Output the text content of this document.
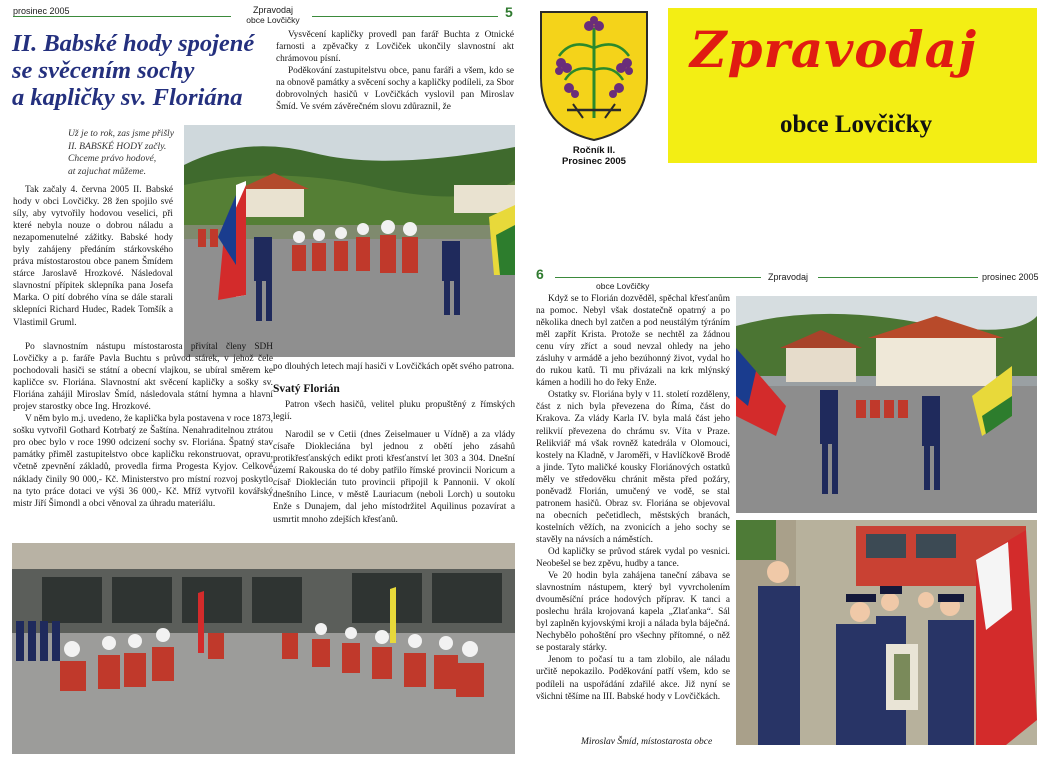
prosinec 2005	Zpravodaj
obce Lovčičky	5
II. Babské hody spojené
se svěcením sochy
a kapličky sv. Floriána
Už je to rok, zas jsme přišly
II. BABSKÉ HODY začly.
Chceme právo hodové,
at zajuchat můžeme.

Tak začaly 4. června 2005 II. Babské hody v obci Lovčičky. 28 žen spojilo své síly, aby vytvořily hodovou veselici, při které nebyla nouze o dobrou náladu a nezapomenutelné zážitky. Babské hody byly zahájeny předáním stárkovského práva místostarostou obce panem Šmídem stárce Jaroslavě Hrozkové. Následoval slavnostní přípitek sklepníka pana Josefa Marka. O pití dobrého vína se dále starali sklepníci Richard Hudec, Radek Tomšík a Vlastimil Gruml.

Po slavnostním nástupu místostarosta přivítal členy SDH Lovčičky a p. faráře Pavla Buchtu s průvod stárek, v jehož čele pochodovali hasiči se státní a obecní vlajkou, se ubíral směrem ke kapličce sv. Floriána. Slavnostní akt svěcení kapličky a sošky sv. Floriána zahájil Miroslav Šmíd, následovala státní hymna a hlavní projev starostky obce Ing. Hrozkové.

V něm bylo m.j. uvedeno, že kaplička byla postavena v roce 1873, sošku vytvořil Gothard Kotrbatý ze Šaštína. Nenahraditelnou ztrátou pro obec bylo v roce 1990 odcizení sochy sv. Floriána. Špatný stav památky přiměl zastupitelstvo obce kapličku rekonstruovat, opravu, včetně zpevnění základů, provedla firma Progesta Kyjov. Celkové náklady činily 90 000,- Kč. Ministerstvo pro místní rozvoj poskytlo na tyto práce dotaci ve výši 36 000,- Kč. Mříž vytvořil kovářský mistr Jiří Šimondl a obci věnoval za úhradu materiálu.

Vysvěcení kapličky provedl pan farář Buchta z Otnické farnosti a zpěvačky z Lovčiček ukončily slavnostní akt chrámovou písní.

Poděkování zastupitelstvu obce, panu faráři a všem, kdo se na obnově památky a svěcení sochy a kapličky podíleli, za Sbor dobrovolných hasičů v Lovčičkách vyslovil pan Miroslav Šmíd. Ve svém závěrečném slovu zdůraznil, že

po dlouhých letech mají hasiči v Lovčičkách opět svého patrona.

Svatý Florián

Patron všech hasičů, velitel pluku propuštěný z římských legií.

Narodil se v Cetii (dnes Zeiselmauer u Vídně) a za vlády císaře Diokleciána byl jednou z obětí jeho zásahů protikřesťanských edikt proti křesťanství let 303 a 304. Dnešní území Rakouska do té doby patřilo římské provincii Noricum a císař Dioklecián tuto provincii připojil k Pannonii. V okolí dnešního Lince, v městě Lauriacum (neboli Lorch) u soutoku Enže s Dunajem, dal jeho místodržitel Aquilinus pozavírat a usmrtit mnoho zdejších křesťanů.

Ročník II.
Prosinec 2005
Zpravodaj
obce Lovčičky
6
obce Lovčičky
Zpravodaj	prosinec 2005

Když se to Florián dozvěděl, spěchal křesťanům na pomoc. Nebyl však dostatečně opatrný a po několika dnech byl zatčen a pod neustálým týráním měl zapřít Krista. Protože se nechtěl za žádnou cenu víry zříct a soud nevzal ohledy na jeho zásluhy v armádě a jeho bezúhonný život, vydal ho do rukou katů. Ti mu přivázali na krk mlýnský kámen a hodili ho do řeky Enže.

Ostatky sv. Floriána byly v 11. století rozděleny, část z nich byla převezena do Říma, část do Krakova. Za vlády Karla IV. byla malá část jeho relikvií převezena do chrámu sv. Víta v Praze. Relikviář má však rovněž katedrála v Olomouci, kostely na Kladně, v Jaroměři, v Havlíčkově Brodě a jinde. Tyto maličké kousky Floriánových ostatků měly ve středověku chránit města před požáry, poněvadž Florián, umučený ve vodě, se stal patronem hasičů. Obraz sv. Floriána se objevoval na obecních pečetidlech, městských branách, kostelních věžích, na zvonicích a jeho sochy se stavěly na návsích a náměstích.

Od kapličky se průvod stárek vydal po vesnici. Neobešel se bez zpěvu, hudby a tance.

Ve 20 hodin byla zahájena taneční zábava se slavnostním nástupem, který byl vyvrcholením dvouměsíční práce hodových příprav. K tanci a poslechu hrála krojovaná kapela „Zlaťanka“. Sál byl zaplněn kyjovskými kroji a nálada byla báječná. Nechybělo pohoštění pro všechny přítomné, o něž se postaraly stárky.

Jenom to počasí tu a tam zlobilo, ale náladu určitě nepokazilo. Poděkování patří všem, kdo se podíleli na uspořádání zdařilé akce. Již nyní se všichni těšíme na III. Babské hody v Lovčičkách.

Miroslav Šmíd, místostarosta obce
